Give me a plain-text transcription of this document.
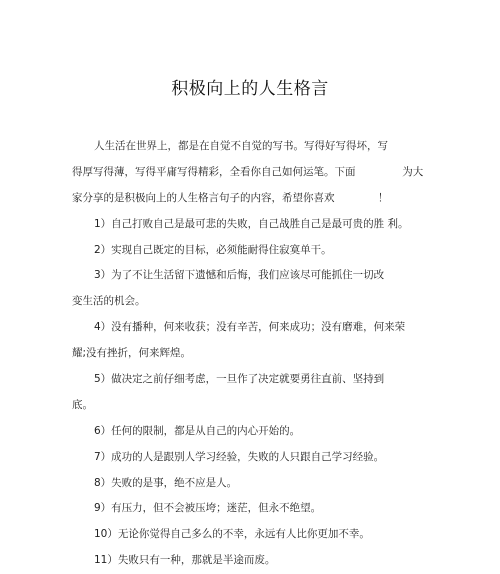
积极向上的人生格言
人生活在世界上，都是在自觉不自觉的写书。写得好写得坏，写
得厚写得薄，写得平庸写得精彩，全看你自己如何运笔。下面              为大
家分享的是积极向上的人生格言句子的内容，希望你喜欢             ！
1）自己打败自己是最可悲的失败，自己战胜自己是最可贵的胜 利。
2）实现自己既定的目标，必须能耐得住寂寞单干。
3）为了不让生活留下遗憾和后悔，我们应该尽可能抓住一切改
变生活的机会。
4）没有播种，何来收获；没有辛苦，何来成功；没有磨难，何来荣
耀;没有挫折，何来辉煌。
5）做决定之前仔细考虑，一旦作了决定就要勇往直前、坚持到
底。
6）任何的限制，都是从自己的内心开始的。
7）成功的人是跟别人学习经验，失败的人只跟自己学习经验。
8）失败的是事，绝不应是人。
9）有压力，但不会被压垮；迷茫，但永不绝望。
10）无论你觉得自己多么的不幸，永远有人比你更加不幸。
11）失败只有一种，那就是半途而废。
